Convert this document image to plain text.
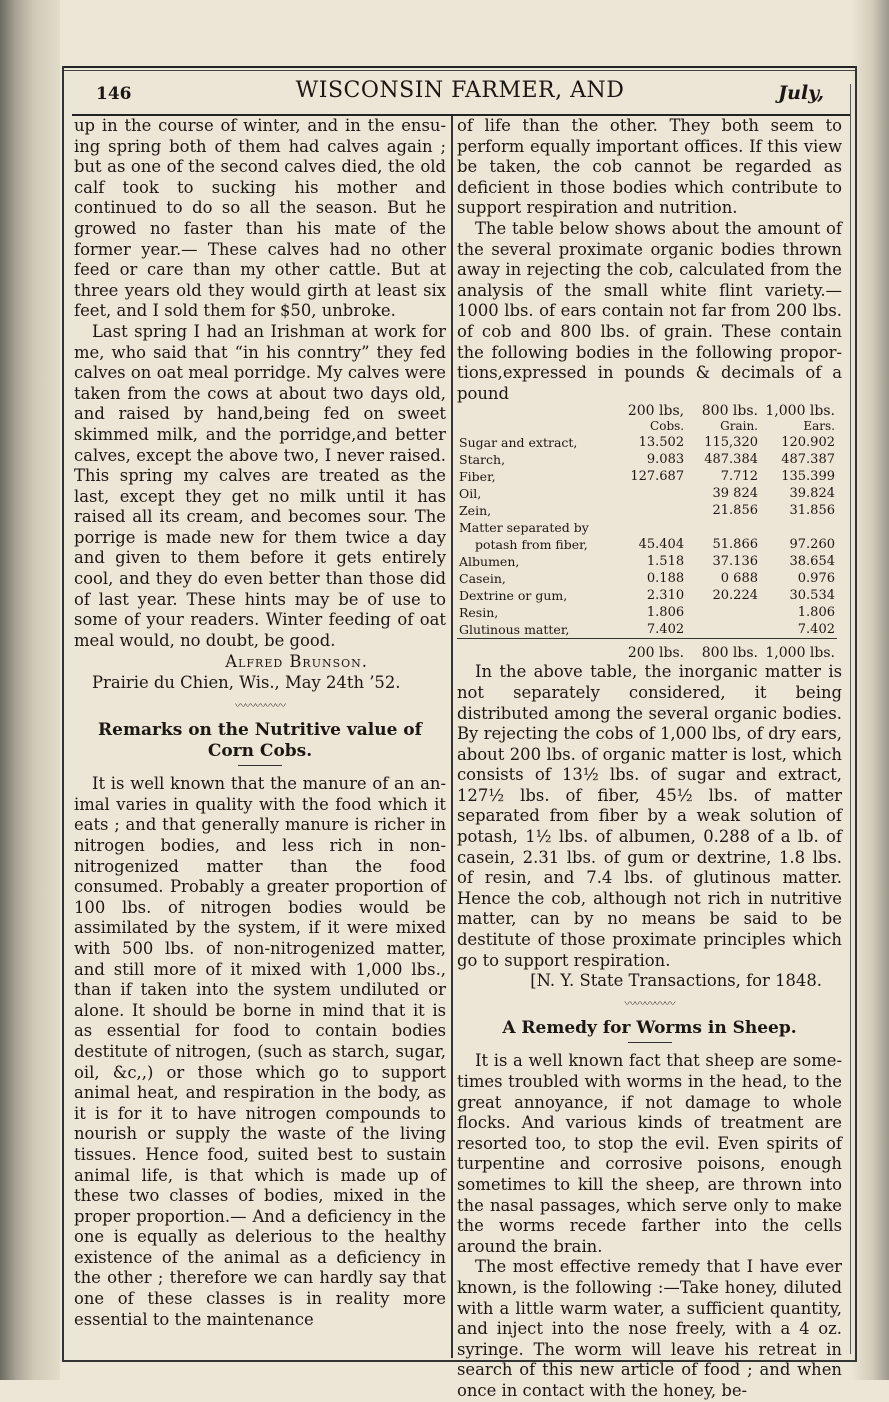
146	WISCONSIN FARMER, AND	July,

up in the course of winter, and in the ensuing spring both of them had calves again ; but as one of the second calves died, the old calf took to sucking his mother and continued to do so all the season. But he growed no faster than his mate of the former year.— These calves had no other feed or care than my other cattle. But at three years old they would girth at least six feet, and I sold them for $50, unbroke.

Last spring I had an Irishman at work for me, who said that “in his conntry” they fed calves on oat meal porridge. My calves were taken from the cows at about two days old, and raised by hand,being fed on sweet skimmed milk, and the porridge,and better calves, except the above two, I never raised. This spring my calves are treated as the last, except they get no milk until it has raised all its cream, and becomes sour. The porrige is made new for them twice a day and given to them before it gets entirely cool, and they do even better than those did of last year. These hints may be of use to some of your readers. Winter feeding of oat meal would, no doubt, be good.

Alfred Brunson.
Prairie du Chien, Wis., May 24th ’52.
〰〰〰〰〰
Remarks on the Nutritive value of Corn Cobs.

It is well known that the manure of an animal varies in quality with the food which it eats ; and that generally manure is richer in nitrogen bodies, and less rich in non-nitrogenized matter than the food consumed. Probably a greater proportion of 100 lbs. of nitrogen bodies would be assimilated by the system, if it were mixed with 500 lbs. of non-nitrogenized matter, and still more of it mixed with 1,000 lbs., than if taken into the system undiluted or alone. It should be borne in mind that it is as essential for food to contain bodies destitute of nitrogen, (such as starch, sugar, oil, &c,,) or those which go to support animal heat, and respiration in the body, as it is for it to have nitrogen compounds to nourish or supply the waste of the living tissues. Hence food, suited best to sustain animal life, is that which is made up of these two classes of bodies, mixed in the proper proportion.— And a deficiency in the one is equally as delerious to the healthy existence of the animal as a deficiency in the other ; therefore we can hardly say that one of these classes is in reality more essential to the maintenance

of life than the other. They both seem to perform equally important offices. If this view be taken, the cob cannot be regarded as deficient in those bodies which contribute to support respiration and nutrition.

The table below shows about the amount of the several proximate organic bodies thrown away in rejecting the cob, calculated from the analysis of the small white flint variety.— 1000 lbs. of ears contain not far from 200 lbs. of cob and 800 lbs. of grain. These contain the following bodies in the following proportions,expressed in pounds & decimals of a pound

	200 lbs,	800 lbs.	1,000 lbs.
	Cobs.	Grain.	Ears.
Sugar and extract,	13.502	115,320	120.902
Starch,	9.083	487.384	487.387
Fiber,	127.687	7.712	135.399
Oil,		39 824	39.824
Zein,		21.856	31.856
Matter separated by			
potash from fiber,	45.404	51.866	97.260
Albumen,	1.518	37.136	38.654
Casein,	0.188	0 688	0.976
Dextrine or gum,	2.310	20.224	30.534
Resin,	1.806		1.806
Glutinous matter,	7.402		7.402
	200 lbs.	800 lbs.	1,000 lbs.

In the above table, the inorganic matter is not separately considered, it being distributed among the several organic bodies. By rejecting the cobs of 1,000 lbs, of dry ears, about 200 lbs. of organic matter is lost, which consists of 13½ lbs. of sugar and extract, 127½ lbs. of fiber, 45½ lbs. of matter separated from fiber by a weak solution of potash, 1½ lbs. of albumen, 0.288 of a lb. of casein, 2.31 lbs. of gum or dextrine, 1.8 lbs. of resin, and 7.4 lbs. of glutinous matter. Hence the cob, although not rich in nutritive matter, can by no means be said to be destitute of those proximate principles which go to support respiration.

[N. Y. State Transactions, for 1848.
〰〰〰〰〰
A Remedy for Worms in Sheep.

It is a well known fact that sheep are sometimes troubled with worms in the head, to the great annoyance, if not damage to whole flocks. And various kinds of treatment are resorted too, to stop the evil. Even spirits of turpentine and corrosive poisons, enough sometimes to kill the sheep, are thrown into the nasal passages, which serve only to make the worms recede farther into the cells around the brain.

The most effective remedy that I have ever known, is the following :—Take honey, diluted with a little warm water, a sufficient quantity, and inject into the nose freely, with a 4 oz. syringe. The worm will leave his retreat in search of this new article of food ; and when once in contact with the honey, be-
